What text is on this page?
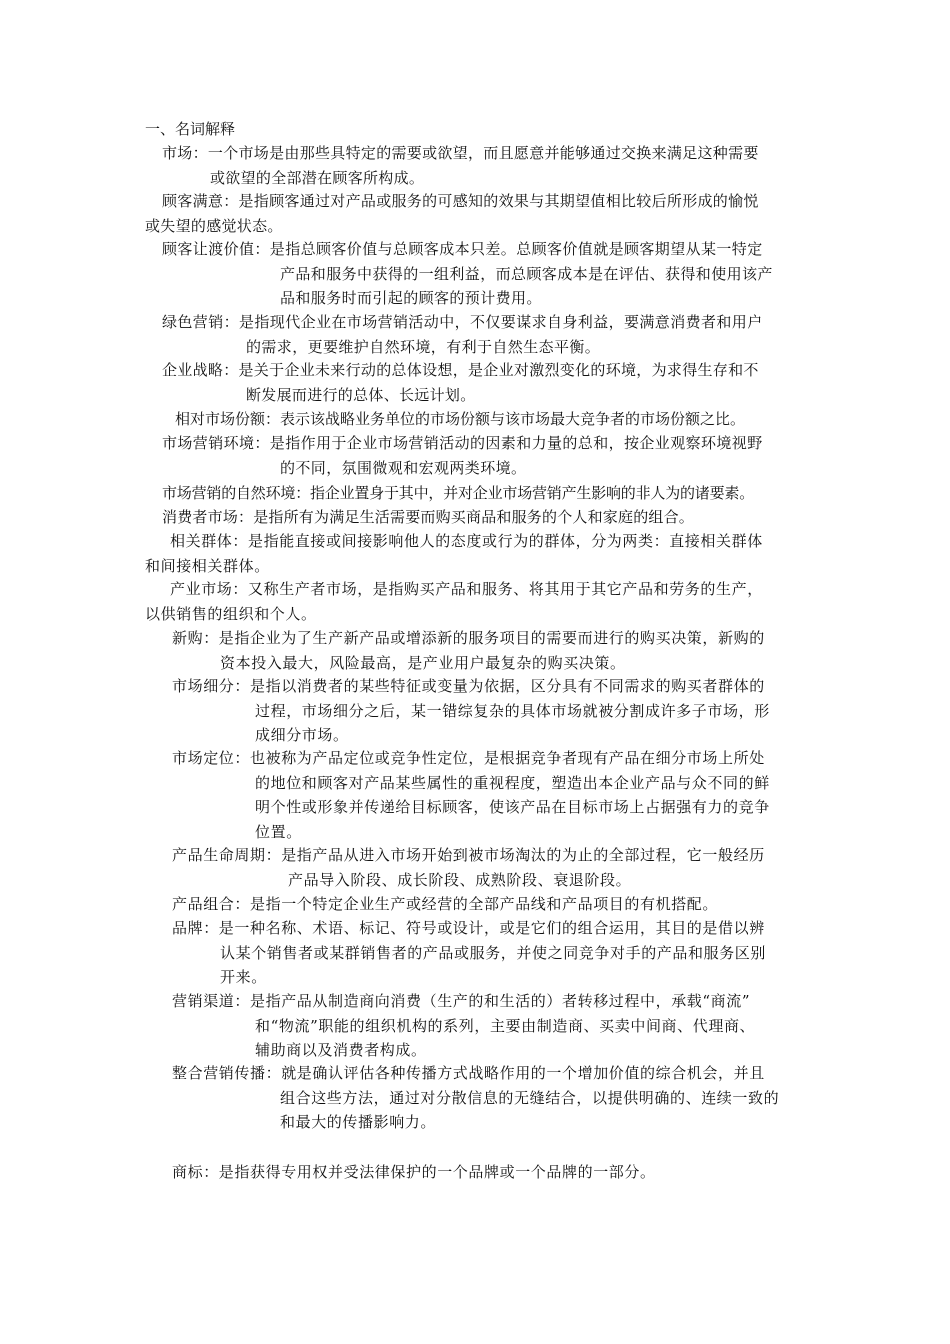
一、名词解释
市场：一个市场是由那些具特定的需要或欲望，而且愿意并能够通过交换来满足这种需要
或欲望的全部潜在顾客所构成。
顾客满意：是指顾客通过对产品或服务的可感知的效果与其期望值相比较后所形成的愉悦
或失望的感觉状态。
顾客让渡价值：是指总顾客价值与总顾客成本只差。总顾客价值就是顾客期望从某一特定
产品和服务中获得的一组利益，而总顾客成本是在评估、获得和使用该产
品和服务时而引起的顾客的预计费用。
绿色营销：是指现代企业在市场营销活动中，不仅要谋求自身利益，要满意消费者和用户
的需求，更要维护自然环境，有利于自然生态平衡。
企业战略：是关于企业未来行动的总体设想，是企业对激烈变化的环境，为求得生存和不
断发展而进行的总体、长远计划。
相对市场份额：表示该战略业务单位的市场份额与该市场最大竞争者的市场份额之比。
市场营销环境：是指作用于企业市场营销活动的因素和力量的总和，按企业观察环境视野
的不同，氛围微观和宏观两类环境。
市场营销的自然环境：指企业置身于其中，并对企业市场营销产生影响的非人为的诸要素。
消费者市场：是指所有为满足生活需要而购买商品和服务的个人和家庭的组合。
相关群体：是指能直接或间接影响他人的态度或行为的群体，分为两类：直接相关群体
和间接相关群体。
产业市场：又称生产者市场，是指购买产品和服务、将其用于其它产品和劳务的生产，
以供销售的组织和个人。
新购：是指企业为了生产新产品或增添新的服务项目的需要而进行的购买决策，新购的
资本投入最大，风险最高，是产业用户最复杂的购买决策。
市场细分：是指以消费者的某些特征或变量为依据，区分具有不同需求的购买者群体的
过程，市场细分之后，某一错综复杂的具体市场就被分割成许多子市场，形
成细分市场。
市场定位：也被称为产品定位或竞争性定位，是根据竞争者现有产品在细分市场上所处
的地位和顾客对产品某些属性的重视程度，塑造出本企业产品与众不同的鲜
明个性或形象并传递给目标顾客，使该产品在目标市场上占据强有力的竞争
位置。
产品生命周期：是指产品从进入市场开始到被市场淘汰的为止的全部过程，它一般经历
产品导入阶段、成长阶段、成熟阶段、衰退阶段。
产品组合：是指一个特定企业生产或经营的全部产品线和产品项目的有机搭配。
品牌：是一种名称、术语、标记、符号或设计，或是它们的组合运用，其目的是借以辨
认某个销售者或某群销售者的产品或服务，并使之同竞争对手的产品和服务区别
开来。
营销渠道：是指产品从制造商向消费（生产的和生活的）者转移过程中，承载“商流”
和“物流”职能的组织机构的系列，主要由制造商、买卖中间商、代理商、
辅助商以及消费者构成。
整合营销传播：就是确认评估各种传播方式战略作用的一个增加价值的综合机会，并且
组合这些方法，通过对分散信息的无缝结合，以提供明确的、连续一致的
和最大的传播影响力。
商标：是指获得专用权并受法律保护的一个品牌或一个品牌的一部分。
